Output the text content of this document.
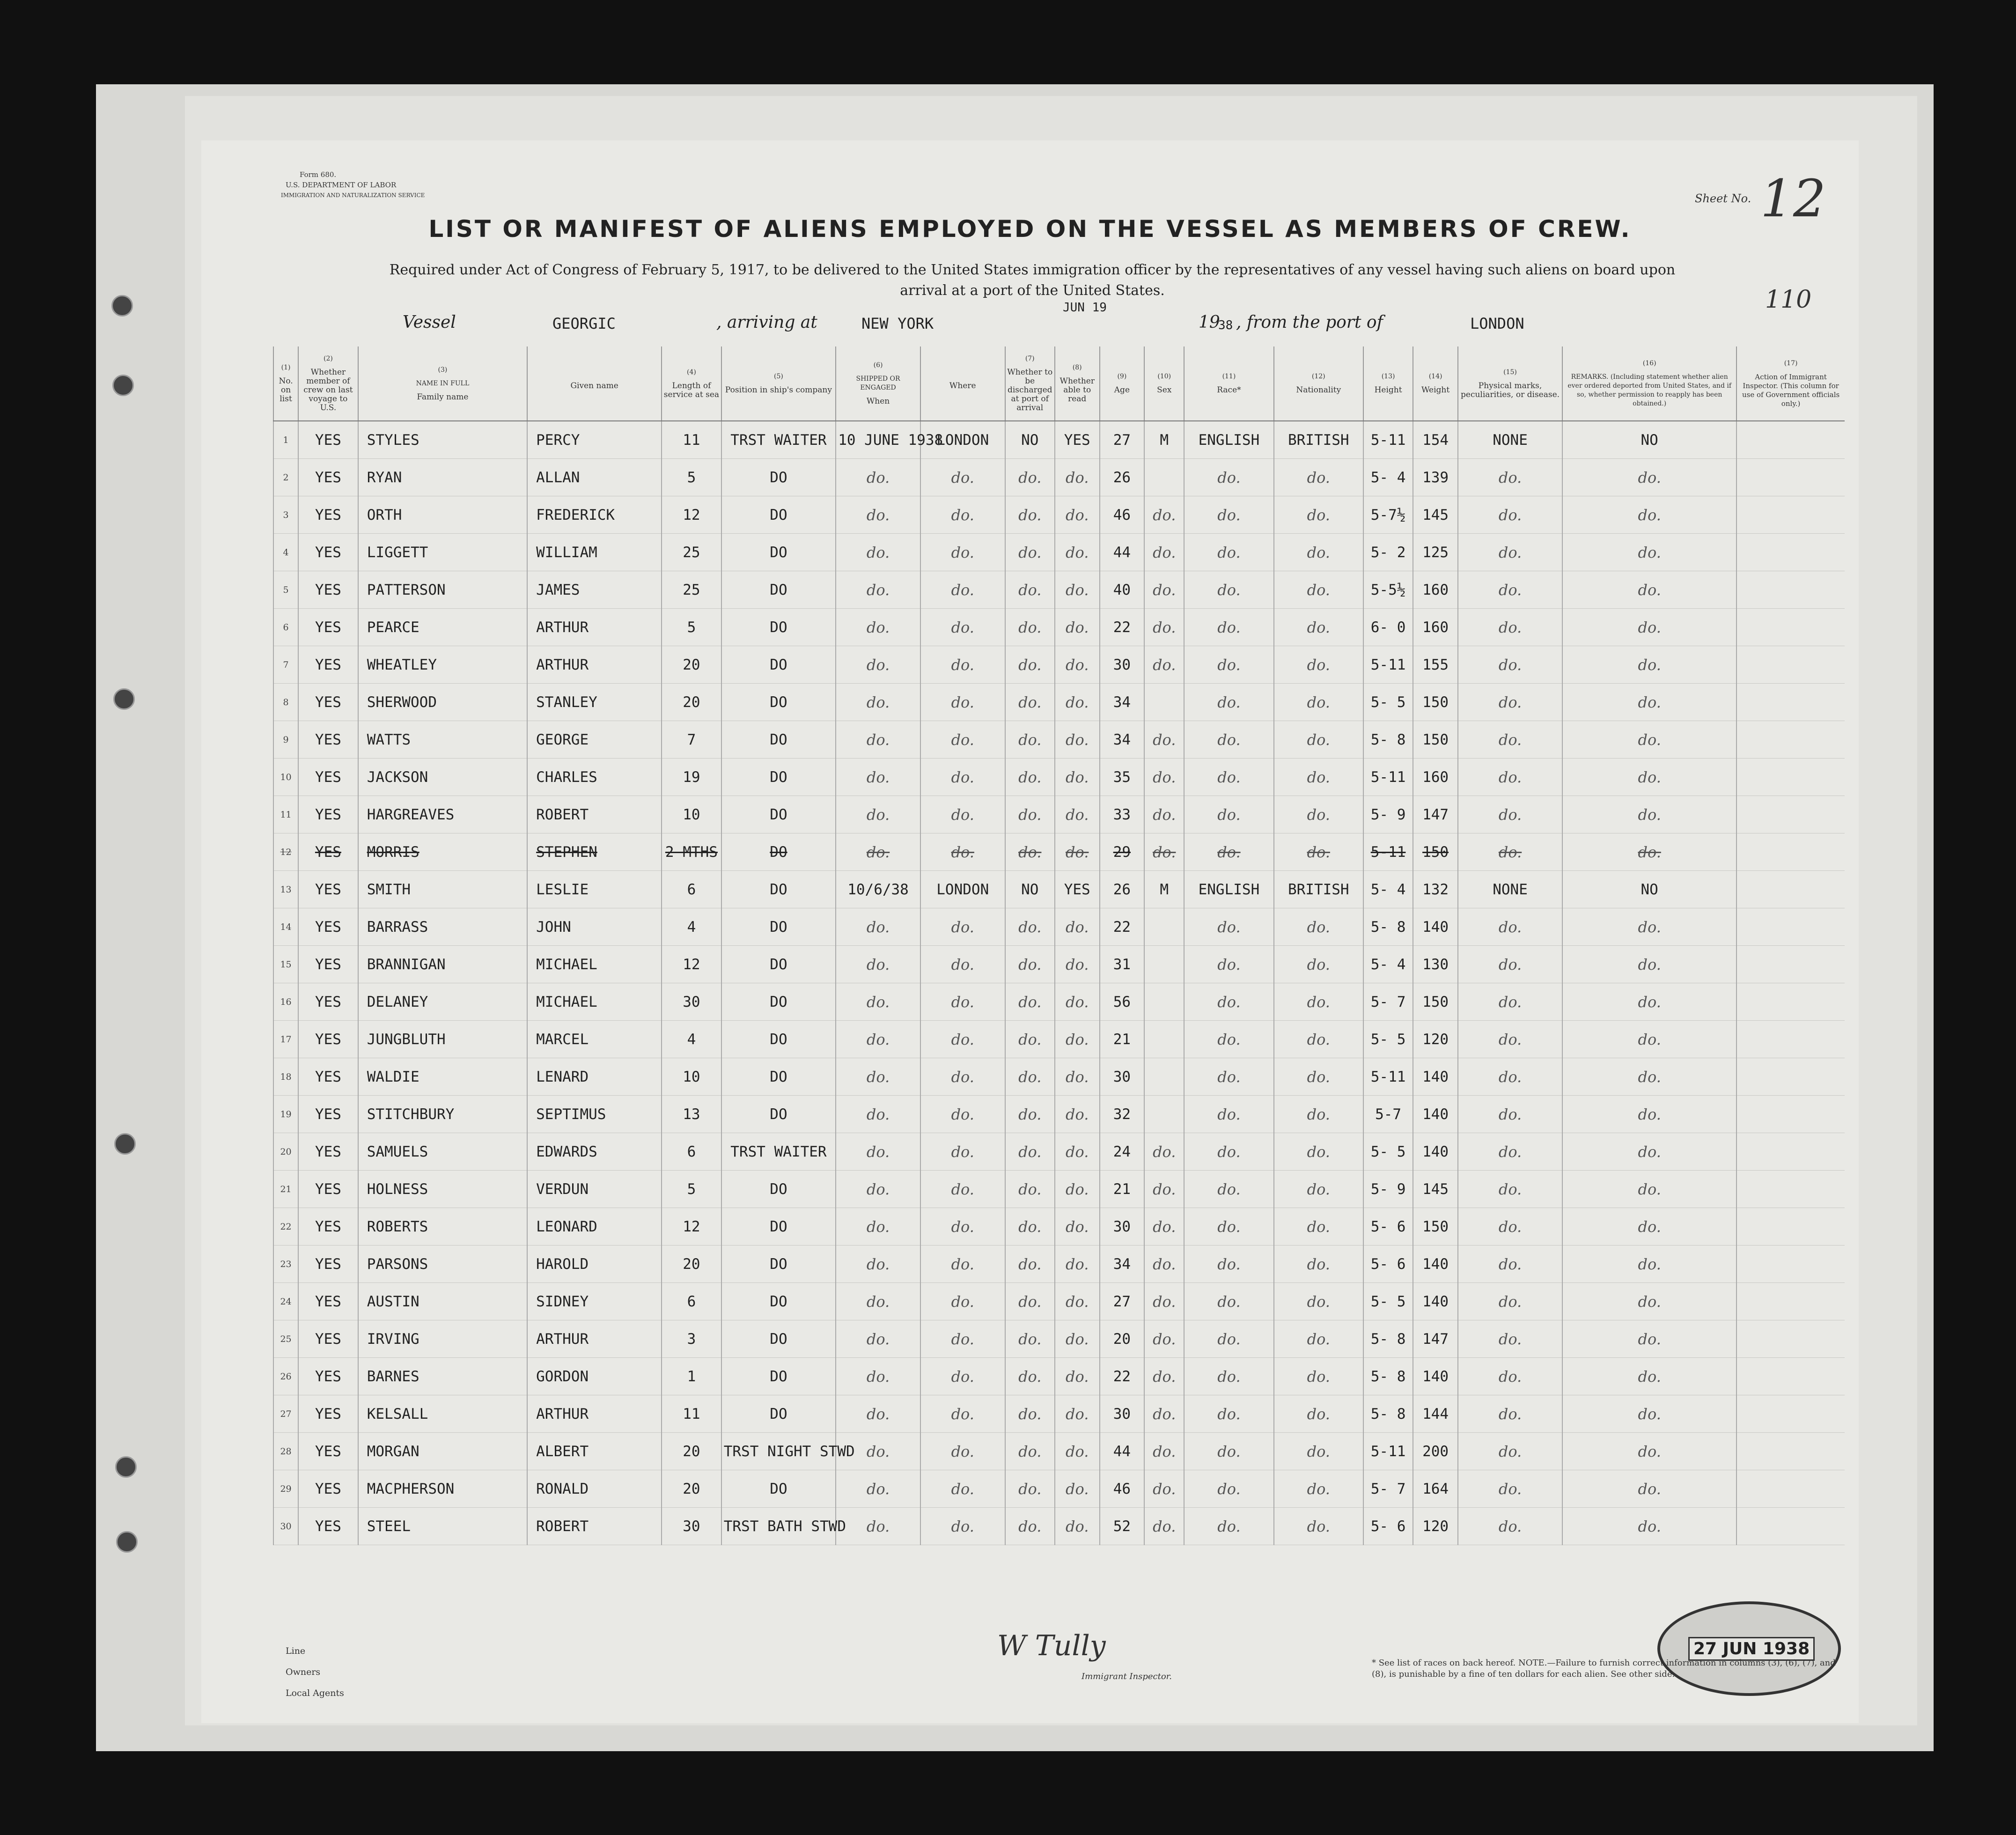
Form 680.
U.S. DEPARTMENT OF LABOR
IMMIGRATION AND NATURALIZATION SERVICE	Sheet No. 12
110
LIST OR MANIFEST OF ALIENS EMPLOYED ON THE VESSEL AS MEMBERS OF CREW.
Required under Act of Congress of February 5, 1917, to be delivered to the United States immigration officer by the representatives of any vessel having such aliens on board upon arrival at a port of the United States.
Vessel	GEORGIC	, arriving at	NEW YORK
JUN 19
19
38 , from the port of	LONDON
(1)
No. on list	(2)
Whether member of crew on last voyage to U.S.	(3)
NAME IN FULL
Family name	Given name	(4)
Length of service at sea	(5)
Position in ship's company	(6)
SHIPPED OR ENGAGED
When	Where	(7)
Whether to be discharged at port of arrival	(8)
Whether able to read	(9)
Age	(10)
Sex	(11)
Race*	(12)
Nationality	(13)
Height	(14)
Weight	(15)
Physical marks, peculiarities, or disease.	(16)
REMARKS. (Including statement whether alien ever ordered deported from United States, and if so, whether permission to reapply has been obtained.)	(17)
Action of Immigrant Inspector. (This column for use of Government officials only.)
1	YES	STYLES	PERCY	11	TRST WAITER	10 JUNE 1938	LONDON	NO	YES	27	M	ENGLISH	BRITISH	5-11	154	NONE	NO	
2	YES	RYAN	ALLAN	5	DO	do.	do.	do.	do.	26		do.	do.	5- 4	139	do.	do.	
3	YES	ORTH	FREDERICK	12	DO	do.	do.	do.	do.	46	do.	do.	do.	5-7½	145	do.	do.	
4	YES	LIGGETT	WILLIAM	25	DO	do.	do.	do.	do.	44	do.	do.	do.	5- 2	125	do.	do.	
5	YES	PATTERSON	JAMES	25	DO	do.	do.	do.	do.	40	do.	do.	do.	5-5½	160	do.	do.	
6	YES	PEARCE	ARTHUR	5	DO	do.	do.	do.	do.	22	do.	do.	do.	6- 0	160	do.	do.	
7	YES	WHEATLEY	ARTHUR	20	DO	do.	do.	do.	do.	30	do.	do.	do.	5-11	155	do.	do.	
8	YES	SHERWOOD	STANLEY	20	DO	do.	do.	do.	do.	34		do.	do.	5- 5	150	do.	do.	
9	YES	WATTS	GEORGE	7	DO	do.	do.	do.	do.	34	do.	do.	do.	5- 8	150	do.	do.	
10	YES	JACKSON	CHARLES	19	DO	do.	do.	do.	do.	35	do.	do.	do.	5-11	160	do.	do.	
11	YES	HARGREAVES	ROBERT	10	DO	do.	do.	do.	do.	33	do.	do.	do.	5- 9	147	do.	do.	
12	YES	MORRIS	STEPHEN	2 MTHS	DO	do.	do.	do.	do.	29	do.	do.	do.	5-11	150	do.	do.	
13	YES	SMITH	LESLIE	6	DO	10/6/38	LONDON	NO	YES	26	M	ENGLISH	BRITISH	5- 4	132	NONE	NO	
14	YES	BARRASS	JOHN	4	DO	do.	do.	do.	do.	22		do.	do.	5- 8	140	do.	do.	
15	YES	BRANNIGAN	MICHAEL	12	DO	do.	do.	do.	do.	31		do.	do.	5- 4	130	do.	do.	
16	YES	DELANEY	MICHAEL	30	DO	do.	do.	do.	do.	56		do.	do.	5- 7	150	do.	do.	
17	YES	JUNGBLUTH	MARCEL	4	DO	do.	do.	do.	do.	21		do.	do.	5- 5	120	do.	do.	
18	YES	WALDIE	LENARD	10	DO	do.	do.	do.	do.	30		do.	do.	5-11	140	do.	do.	
19	YES	STITCHBURY	SEPTIMUS	13	DO	do.	do.	do.	do.	32		do.	do.	5-7	140	do.	do.	
20	YES	SAMUELS	EDWARDS	6	TRST WAITER	do.	do.	do.	do.	24	do.	do.	do.	5- 5	140	do.	do.	
21	YES	HOLNESS	VERDUN	5	DO	do.	do.	do.	do.	21	do.	do.	do.	5- 9	145	do.	do.	
22	YES	ROBERTS	LEONARD	12	DO	do.	do.	do.	do.	30	do.	do.	do.	5- 6	150	do.	do.	
23	YES	PARSONS	HAROLD	20	DO	do.	do.	do.	do.	34	do.	do.	do.	5- 6	140	do.	do.	
24	YES	AUSTIN	SIDNEY	6	DO	do.	do.	do.	do.	27	do.	do.	do.	5- 5	140	do.	do.	
25	YES	IRVING	ARTHUR	3	DO	do.	do.	do.	do.	20	do.	do.	do.	5- 8	147	do.	do.	
26	YES	BARNES	GORDON	1	DO	do.	do.	do.	do.	22	do.	do.	do.	5- 8	140	do.	do.	
27	YES	KELSALL	ARTHUR	11	DO	do.	do.	do.	do.	30	do.	do.	do.	5- 8	144	do.	do.	
28	YES	MORGAN	ALBERT	20	TRST NIGHT STWD	do.	do.	do.	do.	44	do.	do.	do.	5-11	200	do.	do.	
29	YES	MACPHERSON	RONALD	20	DO	do.	do.	do.	do.	46	do.	do.	do.	5- 7	164	do.	do.	
30	YES	STEEL	ROBERT	30	TRST BATH STWD	do.	do.	do.	do.	52	do.	do.	do.	5- 6	120	do.	do.	
Line
Owners
Local Agents
W Tully
Immigrant Inspector.
27 JUN 1938
* See list of races on back hereof. NOTE.—Failure to furnish correct information in columns (3), (6), (7), and (8), is punishable by a fine of ten dollars for each alien. See other side.
